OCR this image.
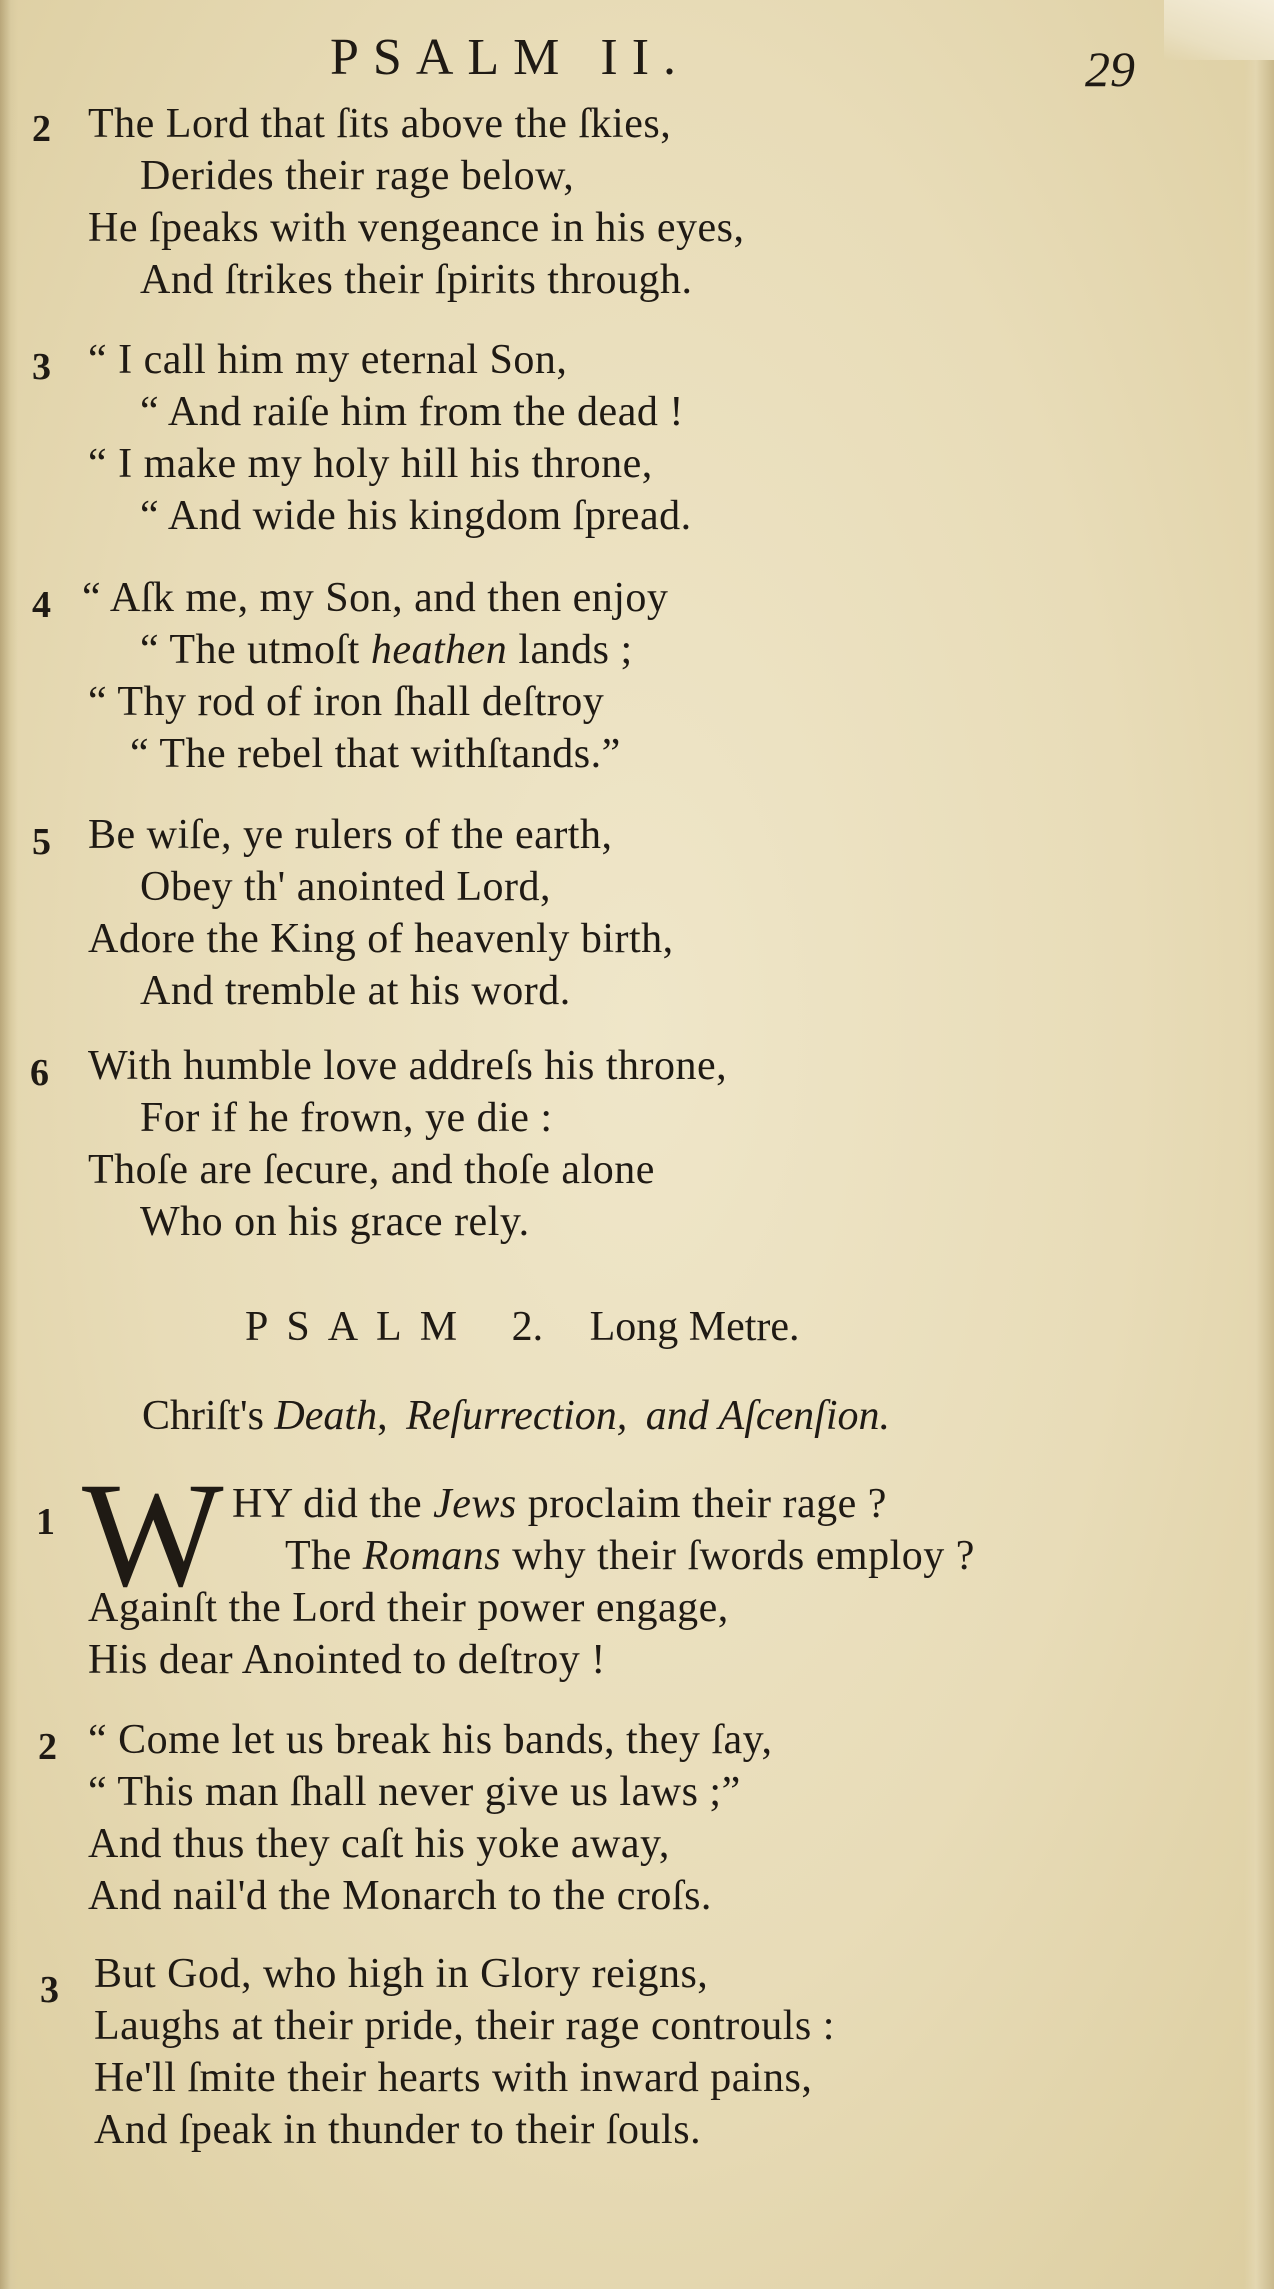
PSALM II.	29
2 The Lord that ſits above the ſkies,
Derides their rage below,
He ſpeaks with vengeance in his eyes,
And ſtrikes their ſpirits through.
3 “ I call him my eternal Son,
“ And raiſe him from the dead !
“ I make my holy hill his throne,
“ And wide his kingdom ſpread.
4 “ Aſk me, my Son, and then enjoy
“ The utmoſt heathen lands ;
“ Thy rod of iron ſhall deſtroy
“ The rebel that withſtands.”
5 Be wiſe, ye rulers of the earth,
Obey th' anointed Lord,
Adore the King of heavenly birth,
And tremble at his word.
6 With humble love addreſs his throne,
For if he frown, ye die :
Thoſe are ſecure, and thoſe alone
Who on his grace rely.
PSALM 2. Long Metre.
Chriſt's Death, Reſurrection, and Aſcenſion.
1 W HY did the Jews proclaim their rage ?
The Romans why their ſwords employ ?
Againſt the Lord their power engage,
His dear Anointed to deſtroy !
2 “ Come let us break his bands, they ſay,
“ This man ſhall never give us laws ;”
And thus they caſt his yoke away,
And nail'd the Monarch to the croſs.
3 But God, who high in Glory reigns,
Laughs at their pride, their rage controuls :
He'll ſmite their hearts with inward pains,
And ſpeak in thunder to their ſouls.
